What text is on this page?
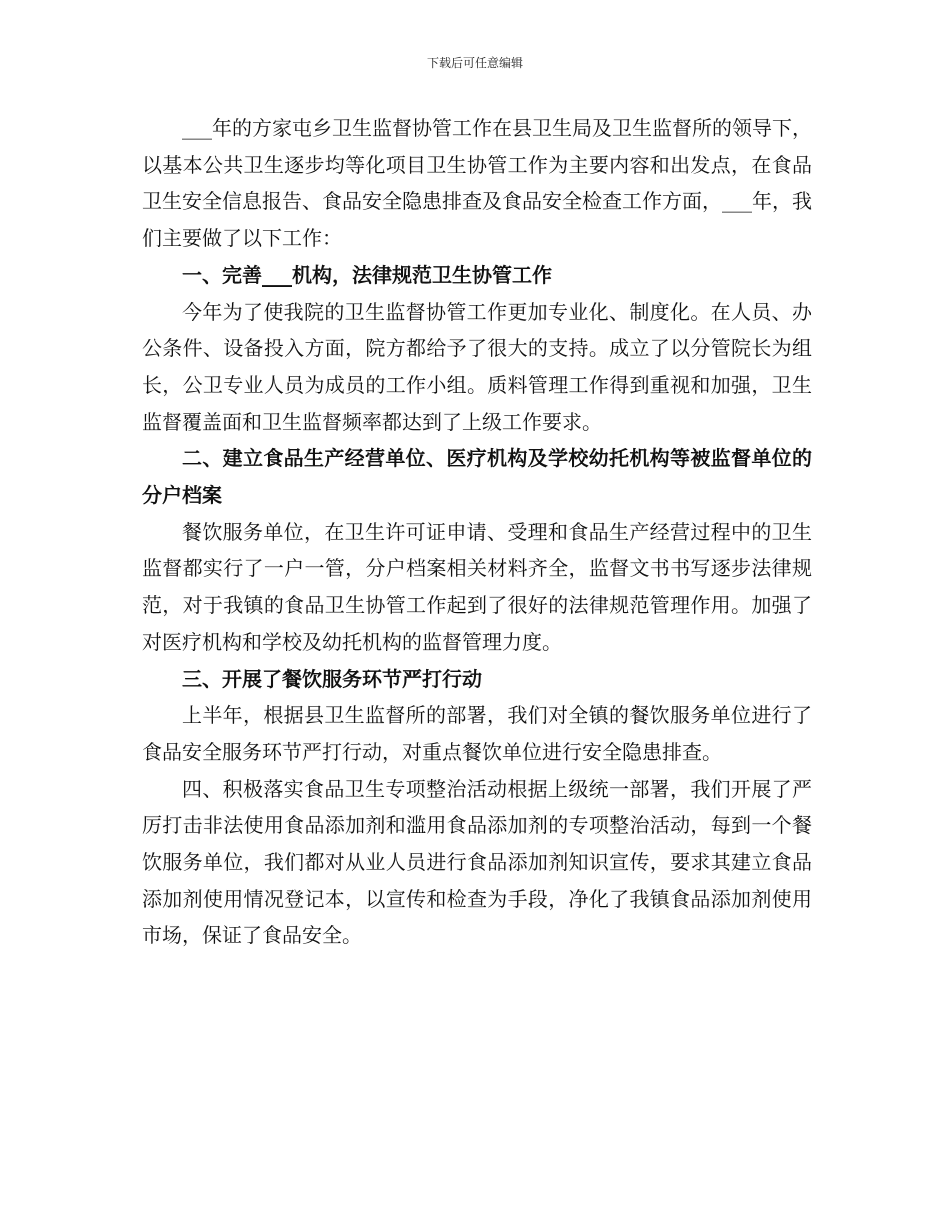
下载后可任意编辑

___年的方家屯乡卫生监督协管工作在县卫生局及卫生监督所的领导下，以基本公共卫生逐步均等化项目卫生协管工作为主要内容和出发点，在食品卫生安全信息报告、食品安全隐患排查及食品安全检查工作方面，___年，我们主要做了以下工作：

一、完善___机构，法律规范卫生协管工作

今年为了使我院的卫生监督协管工作更加专业化、制度化。在人员、办公条件、设备投入方面，院方都给予了很大的支持。成立了以分管院长为组长，公卫专业人员为成员的工作小组。质料管理工作得到重视和加强，卫生监督覆盖面和卫生监督频率都达到了上级工作要求。

二、建立食品生产经营单位、医疗机构及学校幼托机构等被监督单位的分户档案

餐饮服务单位，在卫生许可证申请、受理和食品生产经营过程中的卫生监督都实行了一户一管，分户档案相关材料齐全，监督文书书写逐步法律规范，对于我镇的食品卫生协管工作起到了很好的法律规范管理作用。加强了对医疗机构和学校及幼托机构的监督管理力度。

三、开展了餐饮服务环节严打行动

上半年，根据县卫生监督所的部署，我们对全镇的餐饮服务单位进行了食品安全服务环节严打行动，对重点餐饮单位进行安全隐患排查。

四、积极落实食品卫生专项整治活动根据上级统一部署，我们开展了严厉打击非法使用食品添加剂和滥用食品添加剂的专项整治活动，每到一个餐饮服务单位，我们都对从业人员进行食品添加剂知识宣传，要求其建立食品添加剂使用情况登记本，以宣传和检查为手段，净化了我镇食品添加剂使用市场，保证了食品安全。
